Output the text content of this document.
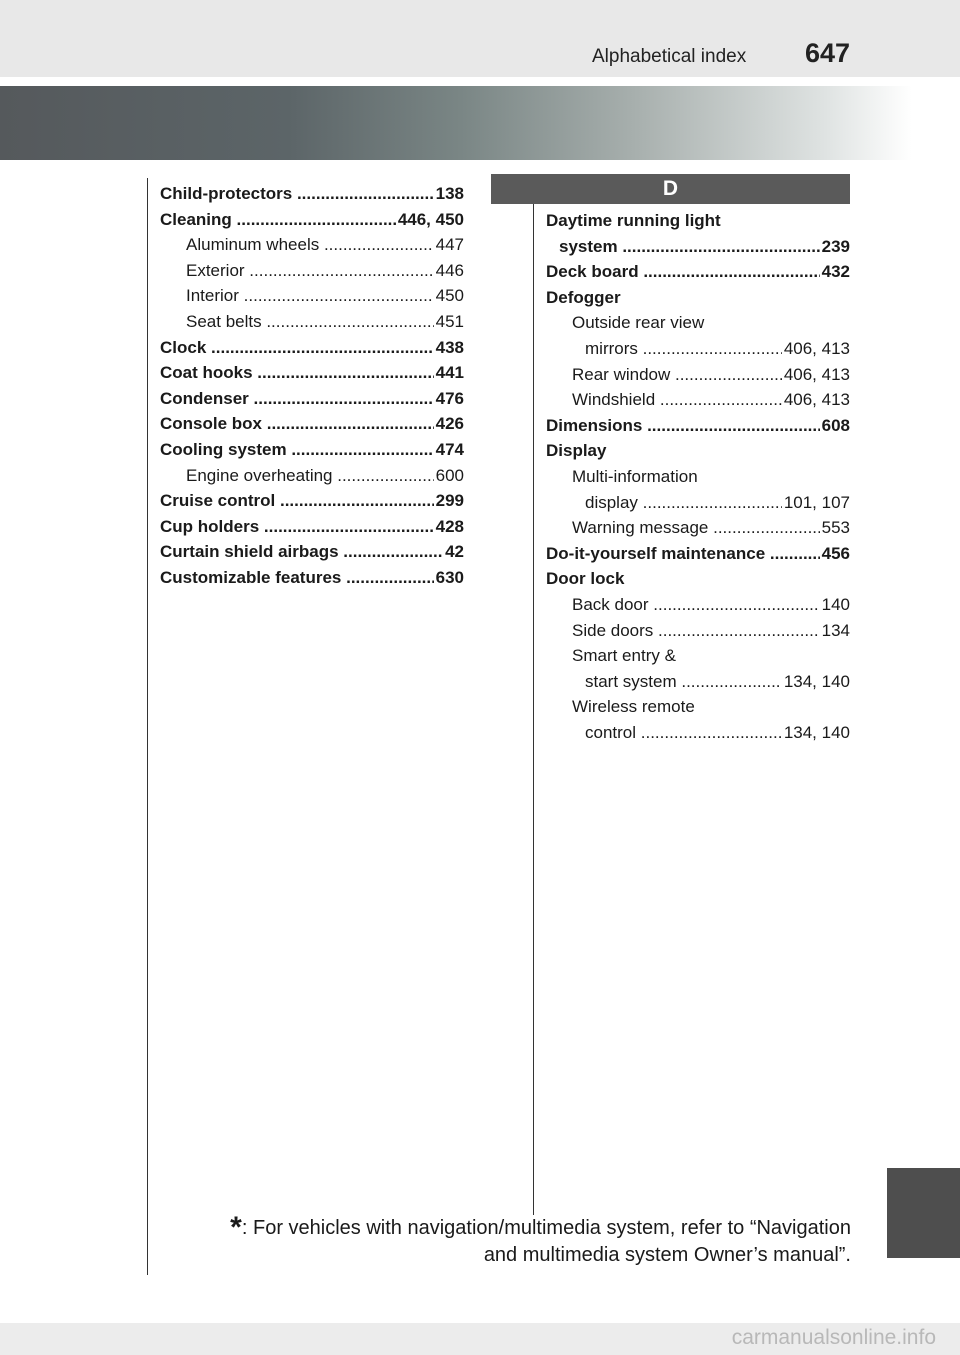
Alphabetical index 647
Child-protectors .....	138
Cleaning .....	446, 450
Aluminum wheels .....	447
Exterior .....	446
Interior .....	450
Seat belts .....	451
Clock .....	438
Coat hooks .....	441
Condenser .....	476
Console box .....	426
Cooling system .....	474
Engine overheating .....	600
Cruise control .....	299
Cup holders .....	428
Curtain shield airbags .....	42
Customizable features .....	630
D
Daytime running light
system .....	239
Deck board .....	432
Defogger
Outside rear view
mirrors .....	406, 413
Rear window .....	406, 413
Windshield .....	406, 413
Dimensions .....	608
Display
Multi-information
display .....	101, 107
Warning message .....	553
Do-it-yourself maintenance .....	456
Door lock
Back door .....	140
Side doors .....	134
Smart entry &
start system .....	134, 140
Wireless remote
control .....	134, 140
*: For vehicles with navigation/multimedia system, refer to “Navigation
and multimedia system Owner’s manual”.
carmanualsonline.info
